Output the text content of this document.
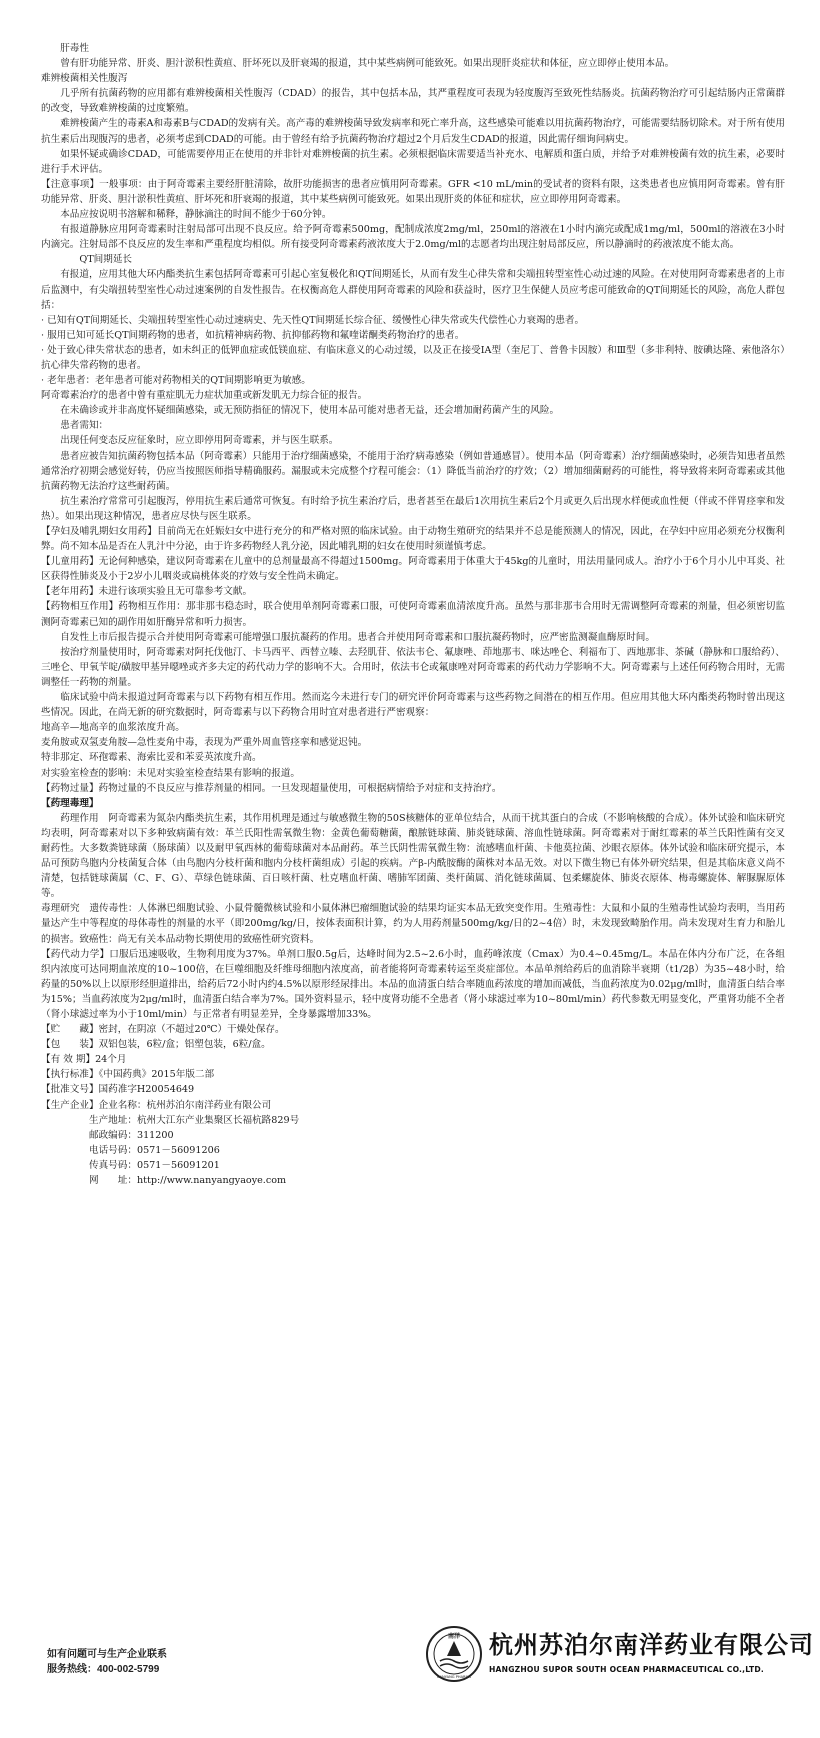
肝毒性

曾有肝功能异常、肝炎、胆汁淤积性黄疸、肝坏死以及肝衰竭的报道，其中某些病例可能致死。如果出现肝炎症状和体征，应立即停止使用本品。

难辨梭菌相关性腹泻

几乎所有抗菌药物的应用都有难辨梭菌相关性腹泻（CDAD）的报告，其中包括本品，其严重程度可表现为轻度腹泻至致死性结肠炎。抗菌药物治疗可引起结肠内正常菌群的改变，导致难辨梭菌的过度繁殖。

难辨梭菌产生的毒素A和毒素B与CDAD的发病有关。高产毒的难辨梭菌导致发病率和死亡率升高，这些感染可能难以用抗菌药物治疗，可能需要结肠切除术。对于所有使用抗生素后出现腹泻的患者，必须考虑到CDAD的可能。由于曾经有给予抗菌药物治疗超过2个月后发生CDAD的报道，因此需仔细询问病史。

如果怀疑或确诊CDAD，可能需要停用正在使用的并非针对难辨梭菌的抗生素。必须根据临床需要适当补充水、电解质和蛋白质，并给予对难辨梭菌有效的抗生素，必要时进行手术评估。

【注意事项】一般事项：由于阿奇霉素主要经肝脏清除，故肝功能损害的患者应慎用阿奇霉素。GFR <10 mL/min的受试者的资料有限，这类患者也应慎用阿奇霉素。曾有肝功能异常、肝炎、胆汁淤积性黄疸、肝坏死和肝衰竭的报道，其中某些病例可能致死。如果出现肝炎的体征和症状，应立即停用阿奇霉素。

本品应按说明书溶解和稀释，静脉滴注的时间不能少于60分钟。

有报道静脉应用阿奇霉素时注射局部可出现不良反应。给予阿奇霉素500mg，配制成浓度2mg/ml，250ml的溶液在1小时内滴完或配成1mg/ml，500ml的溶液在3小时内滴完。注射局部不良反应的发生率和严重程度均相似。所有接受阿奇霉素药液浓度大于2.0mg/ml的志愿者均出现注射局部反应，所以静滴时的药液浓度不能太高。

QT间期延长

有报道，应用其他大环内酯类抗生素包括阿奇霉素可引起心室复极化和QT间期延长，从而有发生心律失常和尖端扭转型室性心动过速的风险。在对使用阿奇霉素患者的上市后监测中，有尖端扭转型室性心动过速案例的自发性报告。在权衡高危人群使用阿奇霉素的风险和获益时，医疗卫生保健人员应考虑可能致命的QT间期延长的风险，高危人群包括：

· 已知有QT间期延长、尖端扭转型室性心动过速病史、先天性QT间期延长综合征、缓慢性心律失常或失代偿性心力衰竭的患者。

· 服用已知可延长QT间期药物的患者，如抗精神病药物、抗抑郁药物和氟喹诺酮类药物治疗的患者。

· 处于致心律失常状态的患者，如未纠正的低钾血症或低镁血症、有临床意义的心动过缓，以及正在接受IA型（奎尼丁、普鲁卡因胺）和Ⅲ型（多非利特、胺碘达隆、索他洛尔）抗心律失常药物的患者。

· 老年患者：老年患者可能对药物相关的QT间期影响更为敏感。

阿奇霉素治疗的患者中曾有重症肌无力症状加重或新发肌无力综合征的报告。

在未确诊或并非高度怀疑细菌感染，或无预防指征的情况下，使用本品可能对患者无益，还会增加耐药菌产生的风险。

患者需知：

出现任何变态反应征象时，应立即停用阿奇霉素，并与医生联系。

患者应被告知抗菌药物包括本品（阿奇霉素）只能用于治疗细菌感染，不能用于治疗病毒感染（例如普通感冒）。使用本品（阿奇霉素）治疗细菌感染时，必须告知患者虽然通常治疗初期会感觉好转，仍应当按照医师指导精确服药。漏服或未完成整个疗程可能会：（1）降低当前治疗的疗效；（2）增加细菌耐药的可能性，将导致将来阿奇霉素或其他抗菌药物无法治疗这些耐药菌。

抗生素治疗常常可引起腹泻，停用抗生素后通常可恢复。有时给予抗生素治疗后，患者甚至在最后1次用抗生素后2个月或更久后出现水样便或血性便（伴或不伴胃痉挛和发热）。如果出现这种情况，患者应尽快与医生联系。

【孕妇及哺乳期妇女用药】目前尚无在妊娠妇女中进行充分的和严格对照的临床试验。由于动物生殖研究的结果并不总是能预测人的情况，因此，在孕妇中应用必须充分权衡利弊。尚不知本品是否在人乳汁中分泌，由于许多药物经人乳分泌，因此哺乳期的妇女在使用时须谨慎考虑。

【儿童用药】无论何种感染，建议阿奇霉素在儿童中的总剂量最高不得超过1500mg。阿奇霉素用于体重大于45kg的儿童时，用法用量同成人。治疗小于6个月小儿中耳炎、社区获得性肺炎及小于2岁小儿咽炎或扁桃体炎的疗效与安全性尚未确定。

【老年用药】未进行该项实验且无可靠参考文献。

【药物相互作用】药物相互作用：那非那韦稳态时，联合使用单剂阿奇霉素口服，可使阿奇霉素血清浓度升高。虽然与那非那韦合用时无需调整阿奇霉素的剂量，但必须密切监测阿奇霉素已知的副作用如肝酶异常和听力损害。

自发性上市后报告提示合并使用阿奇霉素可能增强口服抗凝药的作用。患者合并使用阿奇霉素和口服抗凝药物时，应严密监测凝血酶原时间。

按治疗剂量使用时，阿奇霉素对阿托伐他汀、卡马西平、西替立嗪、去羟肌苷、依法韦仑、氟康唑、茚地那韦、咪达唑仑、利福布丁、西地那非、茶碱（静脉和口服给药）、三唑仑、甲氧苄啶/磺胺甲基异噁唑或齐多夫定的药代动力学的影响不大。合用时，依法韦仑或氟康唑对阿奇霉素的药代动力学影响不大。阿奇霉素与上述任何药物合用时，无需调整任一药物的剂量。

临床试验中尚未报道过阿奇霉素与以下药物有相互作用。然而迄今未进行专门的研究评价阿奇霉素与这些药物之间潜在的相互作用。但应用其他大环内酯类药物时曾出现这些情况。因此，在尚无新的研究数据时，阿奇霉素与以下药物合用时宜对患者进行严密观察：

地高辛—地高辛的血浆浓度升高。

麦角胺或双氢麦角胺—急性麦角中毒，表现为严重外周血管痉挛和感觉迟钝。

特非那定、环孢霉素、海索比妥和苯妥英浓度升高。

对实验室检查的影响：未见对实验室检查结果有影响的报道。

【药物过量】药物过量的不良反应与推荐剂量的相同。一旦发现超量使用，可根据病情给予对症和支持治疗。

【药理毒理】

药理作用　阿奇霉素为氮杂内酯类抗生素，其作用机理是通过与敏感微生物的50S核糖体的亚单位结合，从而干扰其蛋白的合成（不影响核酸的合成）。体外试验和临床研究均表明，阿奇霉素对以下多种致病菌有效：革兰氏阳性需氧微生物：金黄色葡萄糖菌，酿脓链球菌、肺炎链球菌、溶血性链球菌。阿奇霉素对于耐红霉素的革兰氏阳性菌有交叉耐药性。大多数粪链球菌（肠球菌）以及耐甲氧西林的葡萄球菌对本品耐药。革兰氏阴性需氧微生物：流感嗜血杆菌、卡他莫拉菌、沙眼衣原体。体外试验和临床研究提示，本品可预防鸟胞内分枝菌复合体（由鸟胞内分枝杆菌和胞内分枝杆菌组成）引起的疾病。产β-内酰胺酶的菌株对本品无效。对以下微生物已有体外研究结果，但是其临床意义尚不清楚，包括链球菌属（C、F、G）、草绿色链球菌、百日咳杆菌、杜克嗜血杆菌、嗜肺军团菌、类杆菌属、消化链球菌属、包柔螺旋体、肺炎衣原体、梅毒螺旋体、解脲脲原体等。

毒理研究　遗传毒性：人体淋巴细胞试验、小鼠骨髓微核试验和小鼠体淋巴瘤细胞试验的结果均证实本品无致突变作用。生殖毒性：大鼠和小鼠的生殖毒性试验均表明，当用药量达产生中等程度的母体毒性的剂量的水平（即200mg/kg/日，按体表面积计算，约为人用药剂量500mg/kg/日的2~4倍）时，未发现致畸胎作用。尚未发现对生育力和胎儿的损害。致癌性：尚无有关本品动物长期使用的致癌性研究资料。

【药代动力学】口服后迅速吸收，生物利用度为37%。单剂口服0.5g后，达峰时间为2.5~2.6小时，血药峰浓度（Cmax）为0.4~0.45mg/L。本品在体内分布广泛，在各组织内浓度可达同期血浓度的10~100倍，在巨噬细胞及纤维母细胞内浓度高，前者能将阿奇霉素转运至炎症部位。本品单剂给药后的血消除半衰期（t1/2β）为35~48小时，给药量的50%以上以原形经胆道排出，给药后72小时内约4.5%以原形经尿排出。本品的血清蛋白结合率随血药浓度的增加而减低，当血药浓度为0.02μg/ml时，血清蛋白结合率为15%；当血药浓度为2μg/ml时，血清蛋白结合率为7%。国外资料显示，轻中度肾功能不全患者（肾小球滤过率为10~80ml/min）药代参数无明显变化，严重肾功能不全者（肾小球滤过率为小于10ml/min）与正常者有明显差异，全身暴露增加33%。

【贮　　藏】密封，在阴凉（不超过20℃）干燥处保存。

【包　　装】双铝包装，6粒/盒；铝塑包装，6粒/盒。

【有 效 期】24个月

【执行标准】《中国药典》2015年版二部

【批准文号】国药准字H20054649

【生产企业】企业名称：杭州苏泊尔南洋药业有限公司

生产地址：杭州大江东产业集聚区长福杭路829号

邮政编码：311200

电话号码：0571－56091206

传真号码：0571－56091201

网　　址：http://www.nanyangyaoye.com

如有问题可与生产企业联系
服务热线：400-002-5799
南洋
NANYANG PHARMA
杭州苏泊尔南洋药业有限公司
HANGZHOU SUPOR SOUTH OCEAN PHARMACEUTICAL CO.,LTD.
